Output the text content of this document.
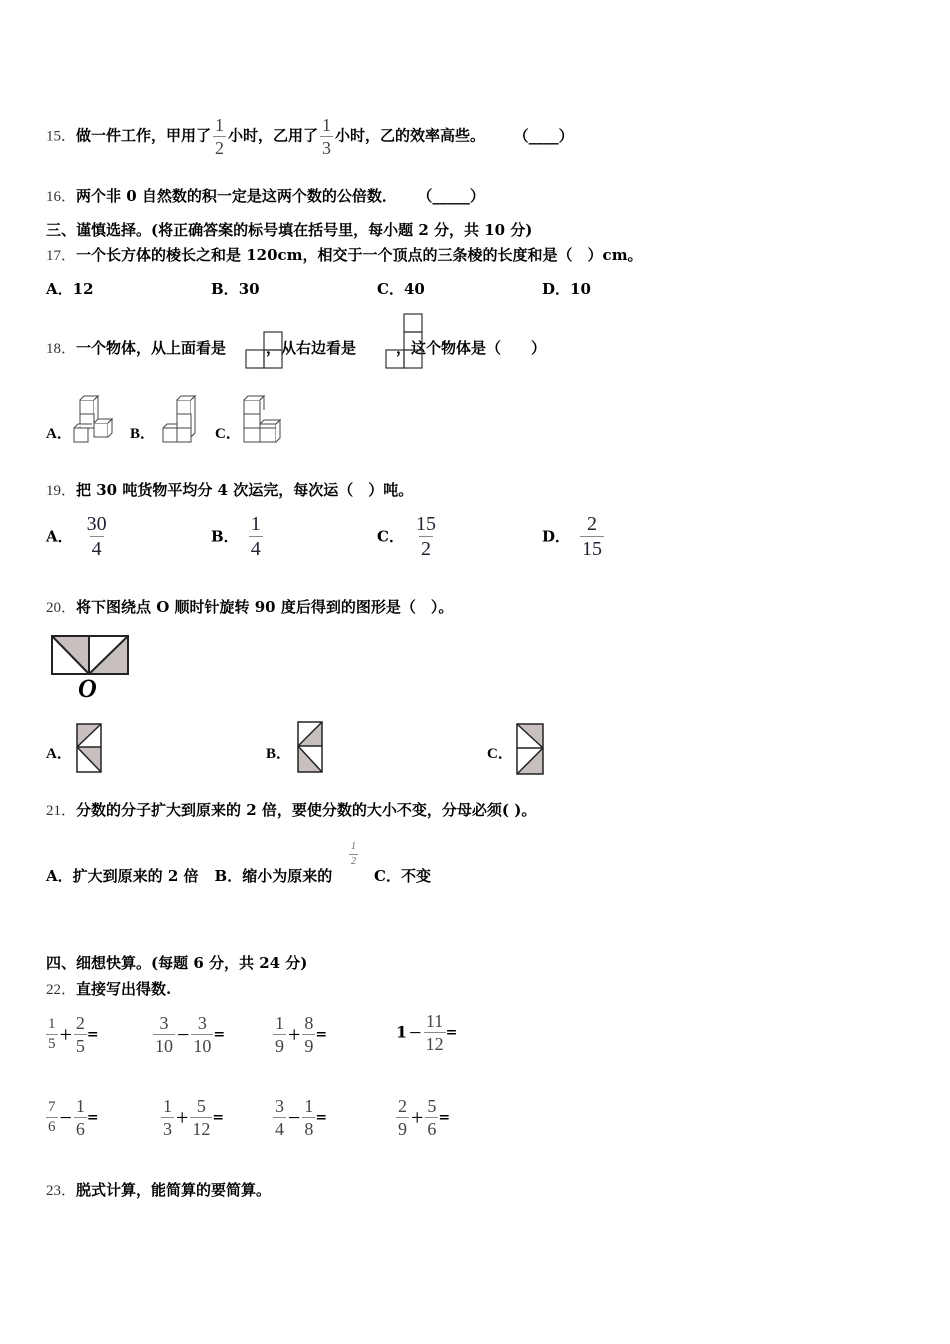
15．做一件工作，甲用了 $\frac{1}{2}$ 小时，乙用了 $\frac{1}{3}$ 小时，乙的效率高些。 （____）
16．两个非 0 自然数的积一定是这两个数的公倍数． （_____）
三、谨慎选择。(将正确答案的标号填在括号里，每小题 2 分，共 10 分)
17．一个长方体的棱长之和是 120cm，相交于一个顶点的三条棱的长度和是（　）cm。
A．12	B．30	C．40	D．10
18．一个物体，从上面看是	，从右边看是	，这个物体是（　　）
A．	B．	C．
19．把 30 吨货物平均分 4 次运完，每次运（　）吨。
A． $\frac{30}{4}$	B． $\frac{1}{4}$	C． $\frac{15}{2}$	D． $\frac{2}{15}$
20．将下图绕点 O 顺时针旋转 90 度后得到的图形是（　）。
O
A．	B．	C．
21．分数的分子扩大到原来的 2 倍，要使分数的大小不变，分母必须( )。
A．扩大到原来的 2 倍 B．缩小为原来的
$\frac{1}{2}$
C．不变
四、细想快算。(每题 6 分，共 24 分)
22．直接写出得数.
$\frac{1}{5} + \frac{2}{5}$ =	$\frac{3}{10} - \frac{3}{10}$ =	$\frac{1}{9} + \frac{8}{9}$ =	$1- \frac{11}{12}$ =
$\frac{7}{6} - \frac{1}{6}$ =	$\frac{1}{3} + \frac{5}{12}$ =	$\frac{3}{4} - \frac{1}{8}$ =	$\frac{2}{9} + \frac{5}{6}$ =
23．脱式计算，能简算的要简算。
